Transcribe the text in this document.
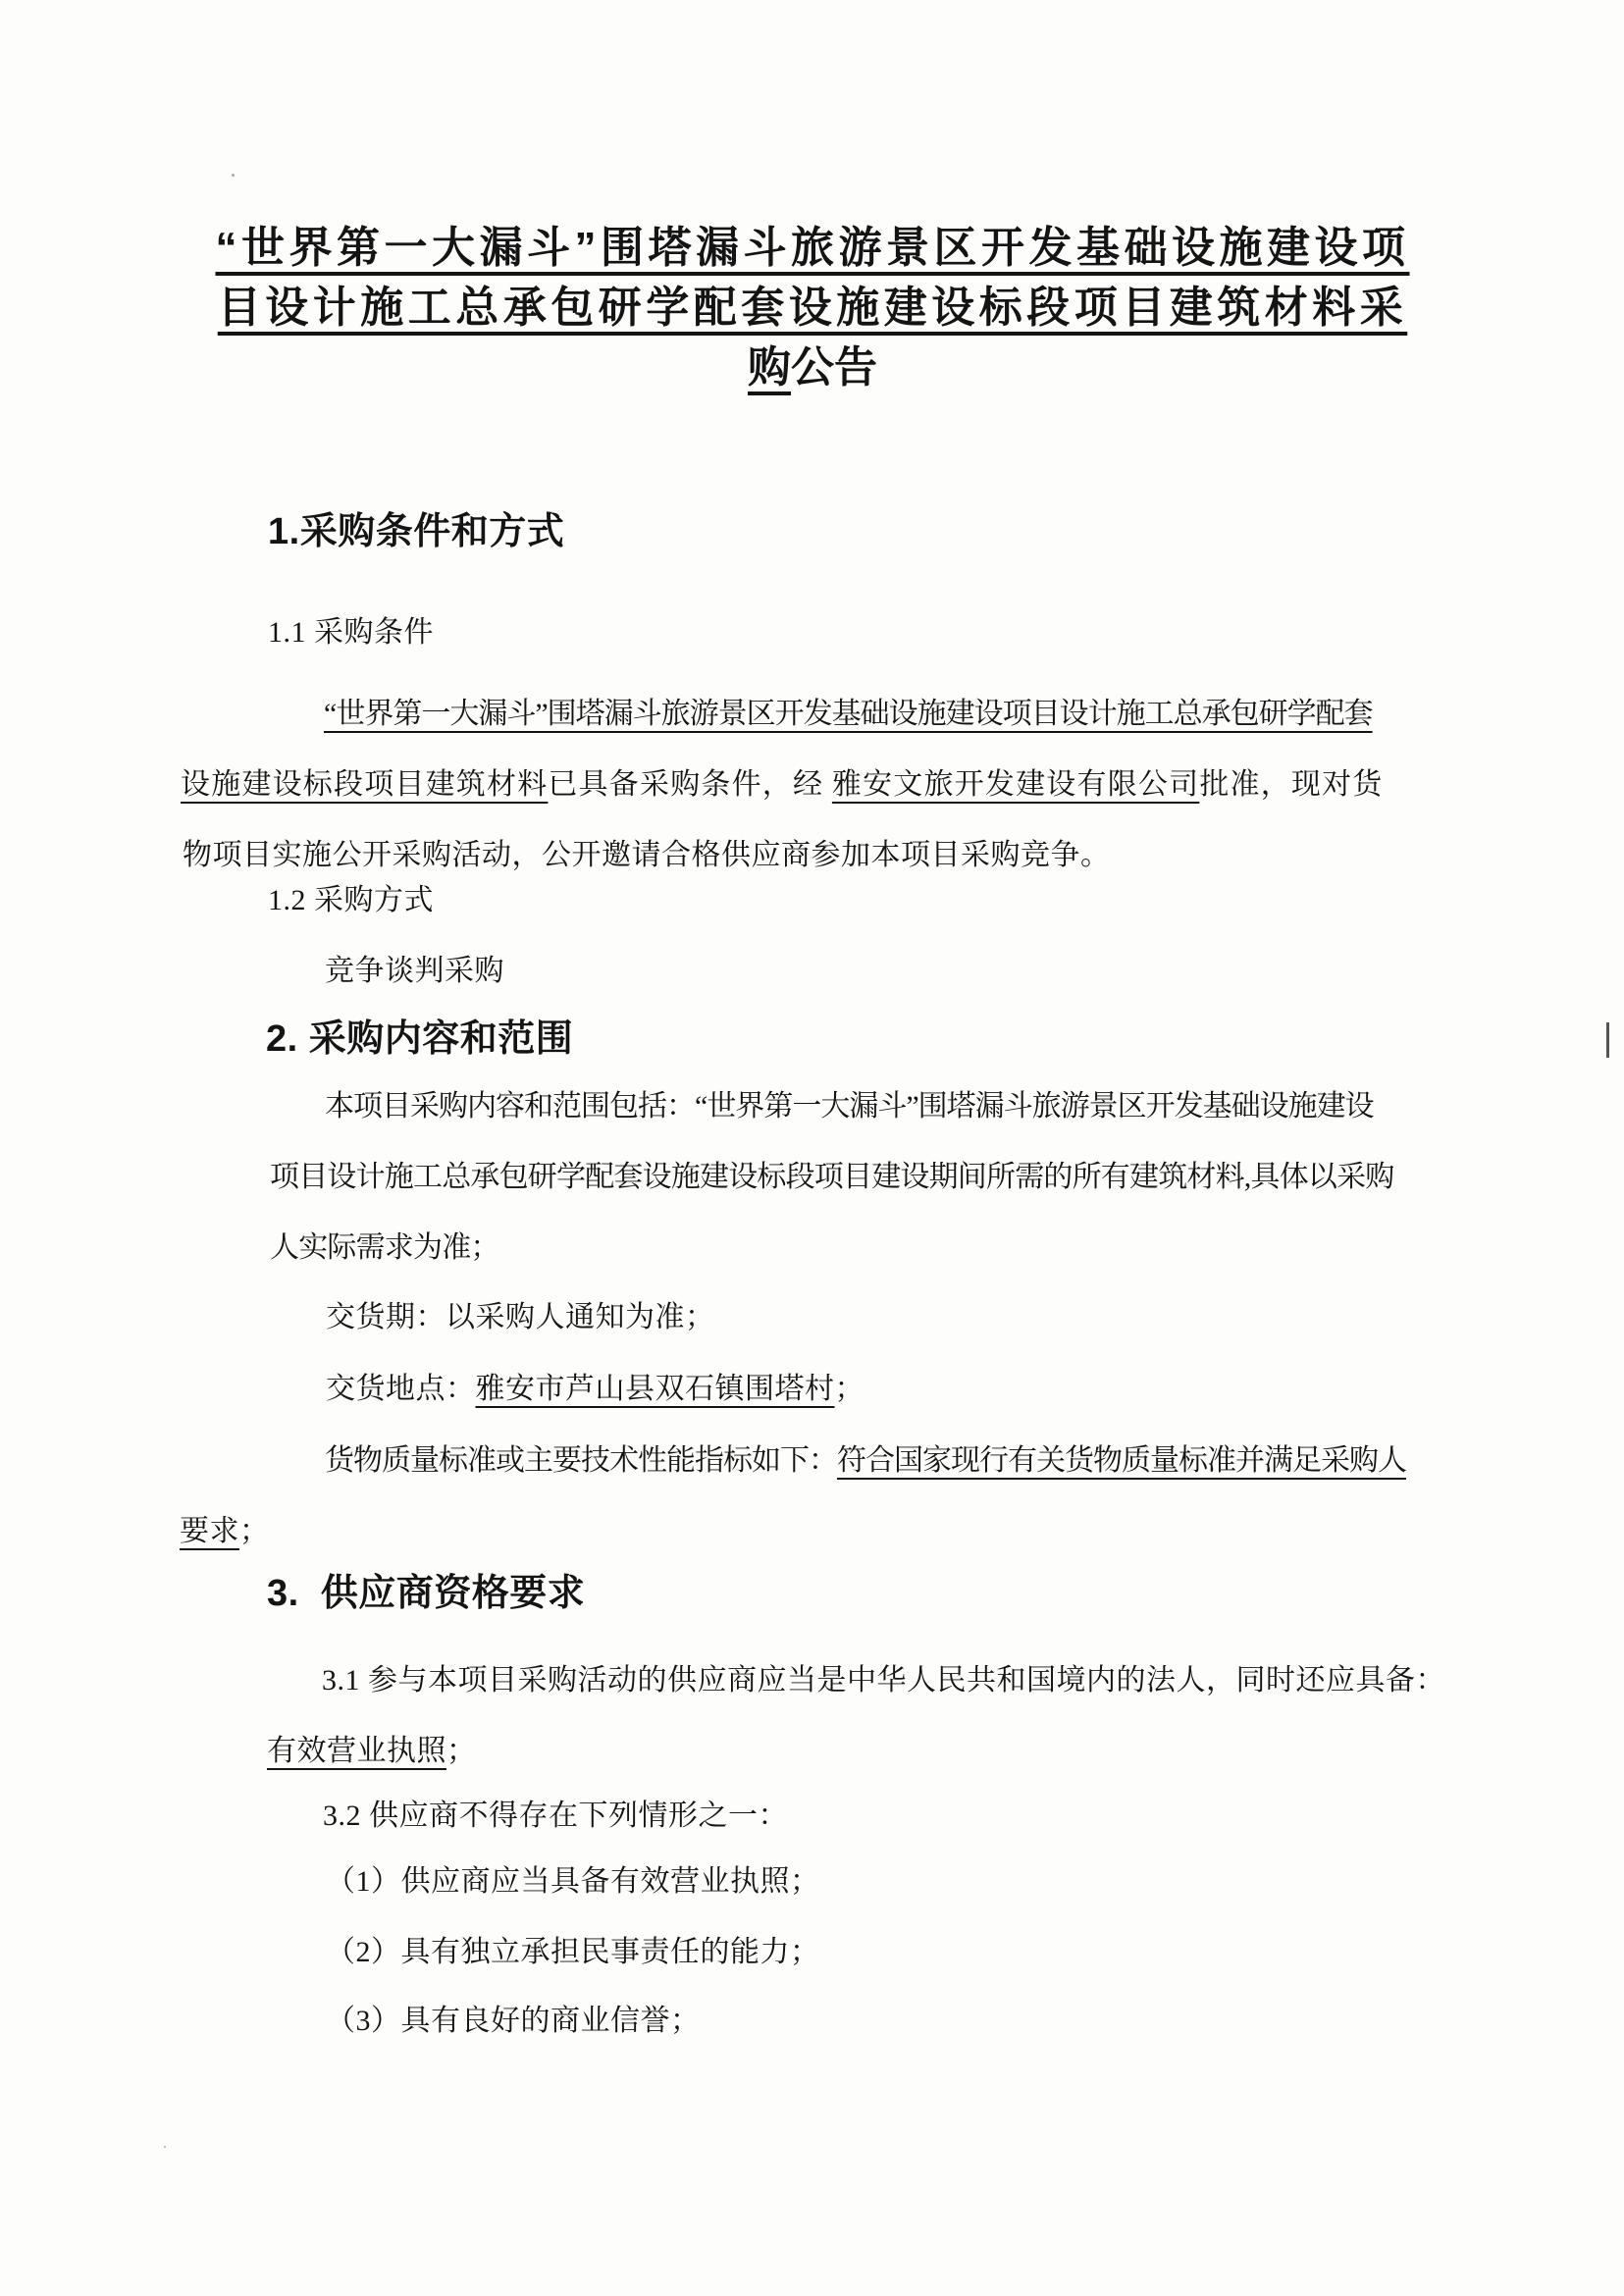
“世界第一大漏斗”围塔漏斗旅游景区开发基础设施建设项
目设计施工总承包研学配套设施建设标段项目建筑材料采
购公告
1.采购条件和方式
1.1 采购条件
“世界第一大漏斗”围塔漏斗旅游景区开发基础设施建设项目设计施工总承包研学配套
设施建设标段项目建筑材料已具备采购条件，经 雅安文旅开发建设有限公司批准，现对货
物项目实施公开采购活动，公开邀请合格供应商参加本项目采购竞争。
1.2 采购方式
竞争谈判采购
2. 采购内容和范围
本项目采购内容和范围包括：“世界第一大漏斗”围塔漏斗旅游景区开发基础设施建设
项目设计施工总承包研学配套设施建设标段项目建设期间所需的所有建筑材料,具体以采购
人实际需求为准；
交货期：以采购人通知为准；
交货地点：雅安市芦山县双石镇围塔村；
货物质量标准或主要技术性能指标如下：符合国家现行有关货物质量标准并满足采购人
要求；
3.  供应商资格要求
3.1 参与本项目采购活动的供应商应当是中华人民共和国境内的法人，同时还应具备：
有效营业执照；
3.2 供应商不得存在下列情形之一：
（1）供应商应当具备有效营业执照；
（2）具有独立承担民事责任的能力；
（3）具有良好的商业信誉；
